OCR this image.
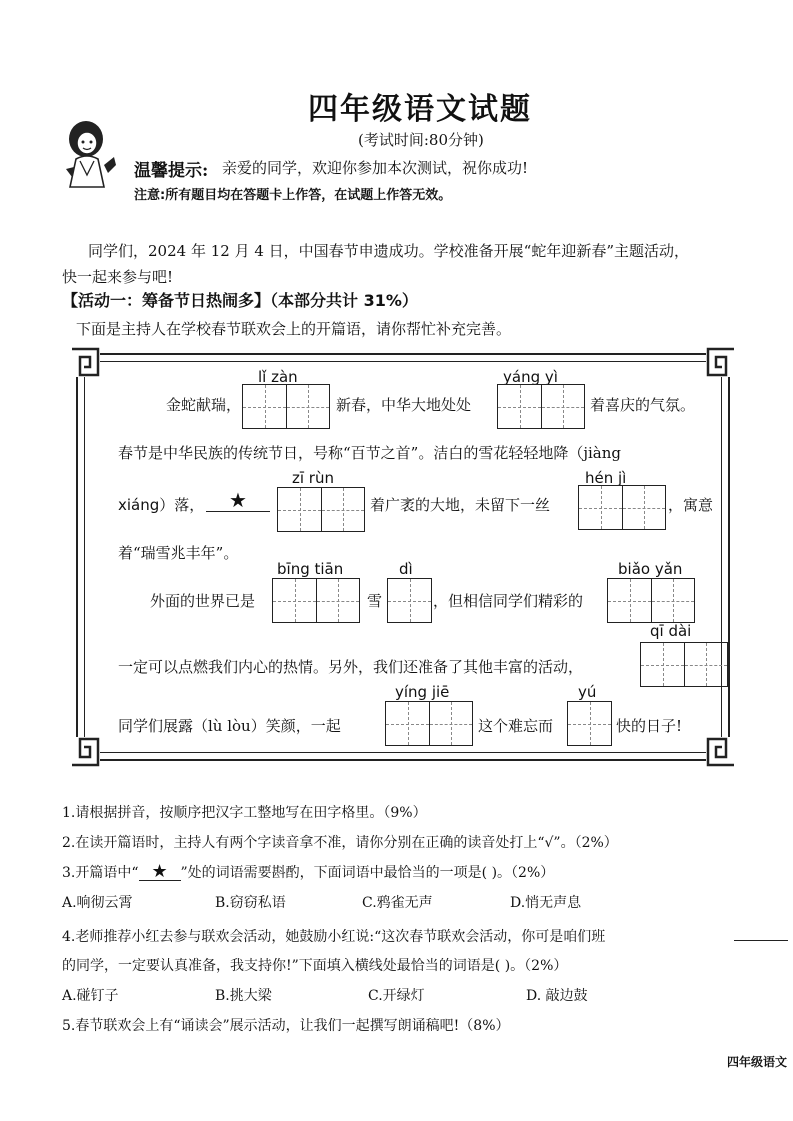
四年级语文试题
(考试时间:80分钟)
温馨提示: 亲爱的同学，欢迎你参加本次测试，祝你成功!
注意:所有题目均在答题卡上作答，在试题上作答无效。
同学们，2024 年 12 月 4 日，中国春节申遗成功。学校准备开展“蛇年迎新春”主题活动，
快一起来参与吧!
【活动一：筹备节日热闹多】（本部分共计 31%）
下面是主持人在学校春节联欢会上的开篇语，请你帮忙补充完善。
lǐ zàn	yáng yì
金蛇献瑞，	新春，中华大地处处	着喜庆的气氛。
春节是中华民族的传统节日，号称“百节之首”。洁白的雪花轻轻地降（jiàng
zī rùn	hén jì
xiáng）落，	★	着广袤的大地，未留下一丝	，寓意
着“瑞雪兆丰年”。
bīng tiān	dì	biǎo yǎn
外面的世界已是	雪	，但相信同学们精彩的
qī dài
一定可以点燃我们内心的热情。另外，我们还准备了其他丰富的活动，
yíng jiē	yú
同学们展露（lù lòu）笑颜，一起	这个难忘而	快的日子!
1.请根据拼音，按顺序把汉字工整地写在田字格里。（9%）
2.在读开篇语时，主持人有两个字读音拿不准，请你分别在正确的读音处打上“√”。（2%）
3.开篇语中“ ★ ”处的词语需要斟酌，下面词语中最恰当的一项是( )。（2%）
A.响彻云霄	B.窃窃私语	C.鸦雀无声	D.悄无声息
4.老师推荐小红去参与联欢会活动，她鼓励小红说:“这次春节联欢会活动，你可是咱们班
的同学，一定要认真准备，我支持你!”下面填入横线处最恰当的词语是( )。（2%）
A.碰钉子	B.挑大梁	C.开绿灯	D. 敲边鼓
5.春节联欢会上有“诵读会”展示活动，让我们一起撰写朗诵稿吧!（8%）
四年级语文
